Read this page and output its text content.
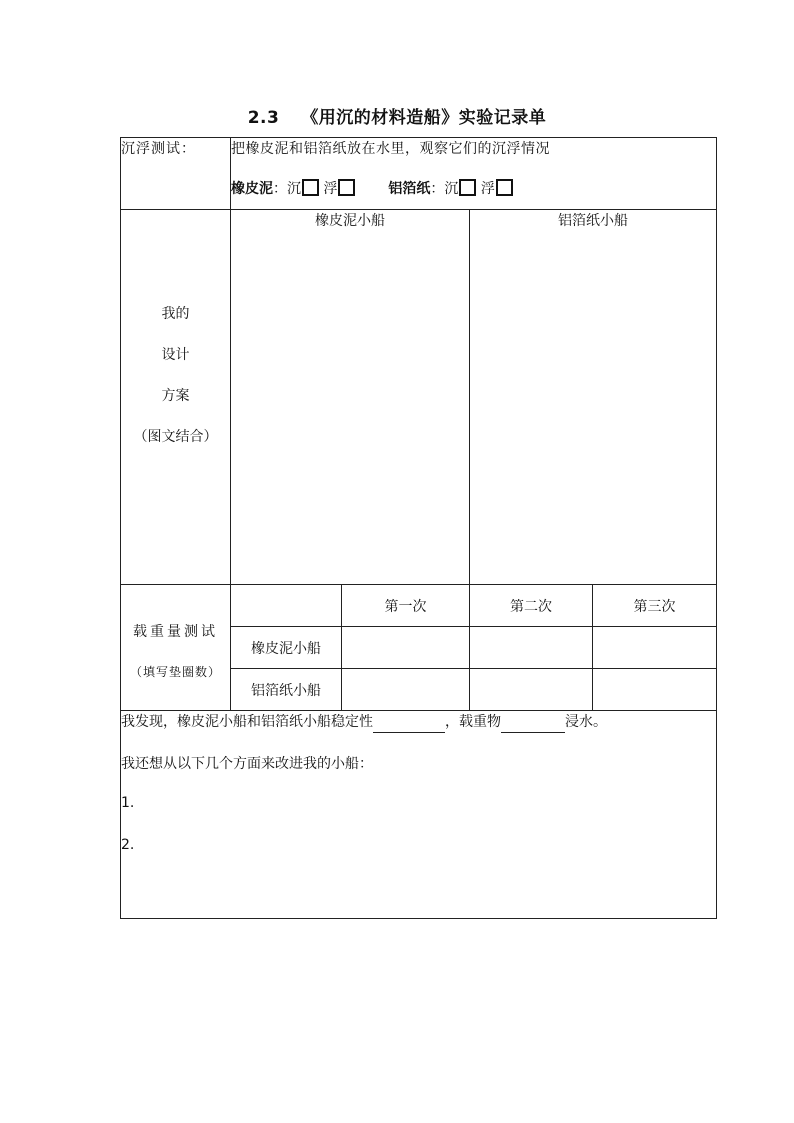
2.3 《用沉的材料造船》实验记录单
沉浮测试：	把橡皮泥和铝箔纸放在水里，观察它们的沉浮情况
橡皮泥：沉 浮 铝箔纸：沉 浮			

我的
设计
方案
（图文结合）	橡皮泥小船		铝箔纸小船	

载重量测试
（填写垫圈数）		第一次	第二次	第三次
	橡皮泥小船			
	铝箔纸小船			

我发现，橡皮泥小船和铝箔纸小船稳定性 ，载重物 浸水。
我还想从以下几个方面来改进我的小船：
1.
2.				
